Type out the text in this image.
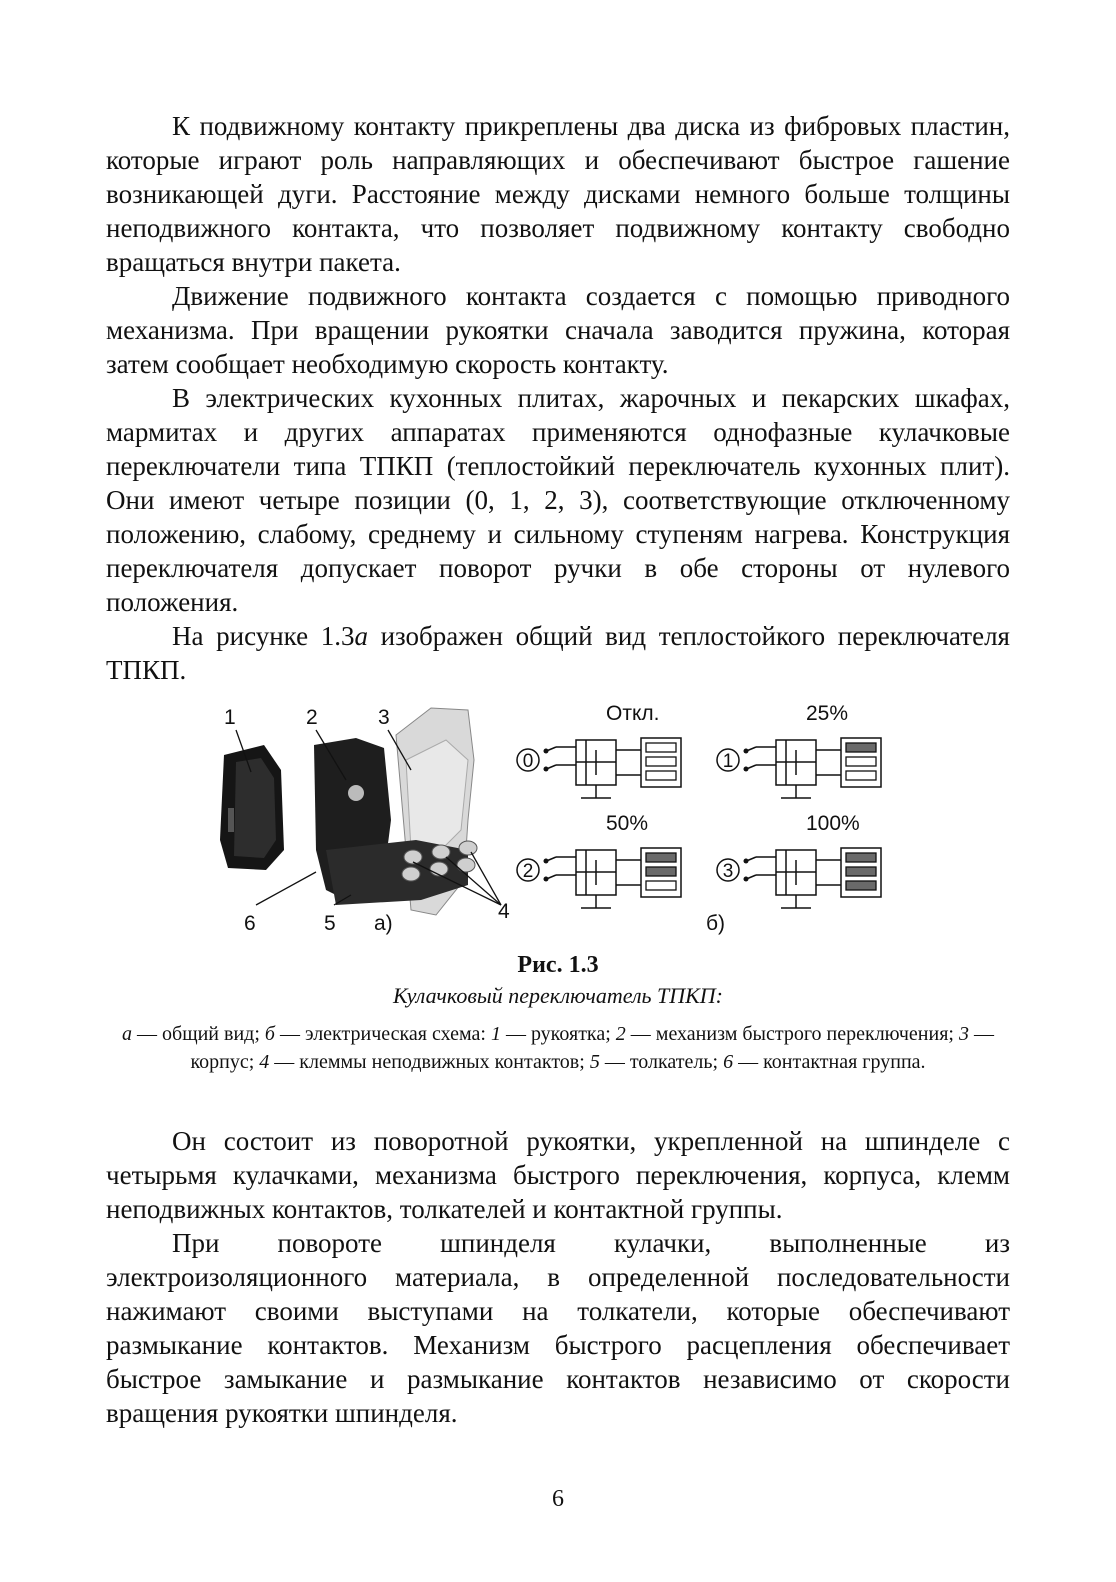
К подвижному контакту прикреплены два диска из фибровых пластин, которые играют роль направляющих и обеспечивают быстрое гашение возникающей дуги. Расстояние между дисками немного больше толщины неподвижного контакта, что позволяет подвижному контакту свободно вращаться внутри пакета.

Движение подвижного контакта создается с помощью приводного механизма. При вращении рукоятки сначала заводится пружина, которая затем сообщает необходимую скорость контакту.

В электрических кухонных плитах, жарочных и пекарских шкафах, мармитах и других аппаратах применяются однофазные кулачковые переключатели типа ТПКП (теплостойкий переключатель кухонных плит). Они имеют четыре позиции (0, 1, 2, 3), соответствующие отключенному положению, слабому, среднему и сильному ступеням нагрева. Конструкция переключателя допускает поворот ручки в обе стороны от нулевого положения.

На рисунке 1.3а изображен общий вид теплостойкого переключателя ТПКП.

1	2	3
4
5
6	а)	б)
Откл.
0
25%
1
50%
2
100%
3
Рис. 1.3
Кулачковый переключатель ТПКП:
а — общий вид; б — электрическая схема: 1 — рукоятка; 2 — механизм быстрого переключения; 3 — корпус; 4 — клеммы неподвижных контактов; 5 — толкатель; 6 — контактная группа.

Он состоит из поворотной рукоятки, укрепленной на шпинделе с четырьмя кулачками, механизма быстрого переключения, корпуса, клемм неподвижных контактов, толкателей и контактной группы.

При повороте шпинделя кулачки, выполненные из электроизоляционного материала, в определенной последовательности нажимают своими выступами на толкатели, которые обеспечивают размыкание контактов. Механизм быстрого расцепления обеспечивает быстрое замыкание и размыкание контактов независимо от скорости вращения рукоятки шпинделя.

6
